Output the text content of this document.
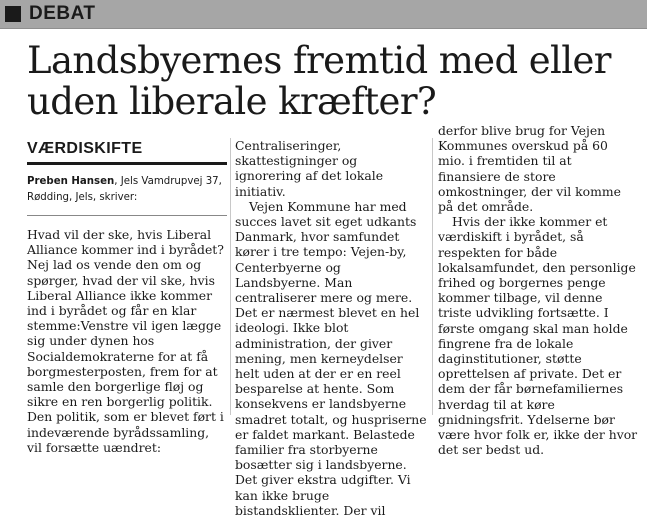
DEBAT
Landsbyernes fremtid med eller uden liberale kræfter?
VÆRDISKIFTE
Preben Hansen, Jels Vamdrupvej 37, Rødding, Jels, skriver:

Hvad vil der ske, hvis Liberal Alliance kommer ind i byrådet? Nej lad os vende den om og spørger, hvad der vil ske, hvis Liberal Alliance ikke kommer ind i byrådet og får en klar stemme:Venstre vil igen lægge sig under dynen hos Socialdemokraterne for at få borgmesterposten, frem for at samle den borgerlige fløj og sikre en ren borgerlig politik. Den politik, som er blevet ført i indeværende byrådssamling, vil forsætte uændret:

Centraliseringer, skattestigninger og ignorering af det lokale initiativ.

Vejen Kommune har med succes lavet sit eget udkants Danmark, hvor samfundet kører i tre tempo: Vejen-by, Centerbyerne og Landsbyerne. Man centraliserer mere og mere. Det er nærmest blevet en hel ideologi. Ikke blot administration, der giver mening, men kerneydelser helt uden at der er en reel besparelse at hente. Som konsekvens er landsbyerne smadret totalt, og huspriserne er faldet markant. Belastede familier fra storbyerne bosætter sig i landsbyerne. Det giver ekstra udgifter. Vi kan ikke bruge bistandsklienter. Der vil

derfor blive brug for Vejen Kommunes overskud på 60 mio. i fremtiden til at finansiere de store omkostninger, der vil komme på det område.

Hvis der ikke kommer et værdiskift i byrådet, så respekten for både lokalsamfundet, den personlige frihed og borgernes penge kommer tilbage, vil denne triste udvikling fortsætte. I første omgang skal man holde fingrene fra de lokale daginstitutioner, støtte oprettelsen af private. Det er dem der får børnefamiliernes hverdag til at køre gnidningsfrit. Ydelserne bør være hvor folk er, ikke der hvor det ser bedst ud.
